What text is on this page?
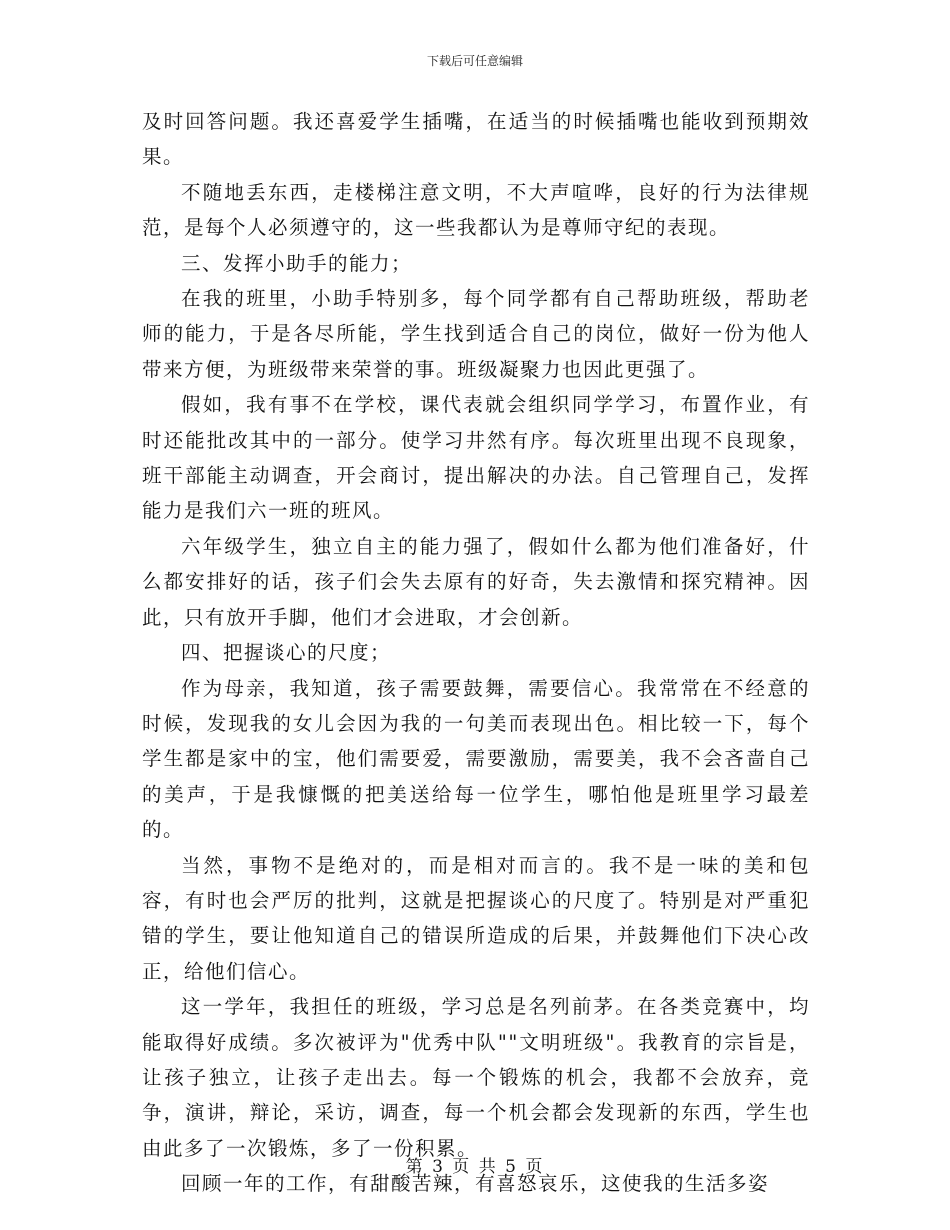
下载后可任意编辑

及时回答问题。我还喜爱学生插嘴，在适当的时候插嘴也能收到预期效果。

不随地丢东西，走楼梯注意文明，不大声喧哗，良好的行为法律规范，是每个人必须遵守的，这一些我都认为是尊师守纪的表现。

三、发挥小助手的能力；

在我的班里，小助手特别多，每个同学都有自己帮助班级，帮助老师的能力，于是各尽所能，学生找到适合自己的岗位，做好一份为他人带来方便，为班级带来荣誉的事。班级凝聚力也因此更强了。

假如，我有事不在学校，课代表就会组织同学学习，布置作业，有时还能批改其中的一部分。使学习井然有序。每次班里出现不良现象，班干部能主动调查，开会商讨，提出解决的办法。自己管理自己，发挥能力是我们六一班的班风。

六年级学生，独立自主的能力强了，假如什么都为他们准备好，什么都安排好的话，孩子们会失去原有的好奇，失去激情和探究精神。因此，只有放开手脚，他们才会进取，才会创新。

四、把握谈心的尺度；

作为母亲，我知道，孩子需要鼓舞，需要信心。我常常在不经意的时候，发现我的女儿会因为我的一句美而表现出色。相比较一下，每个学生都是家中的宝，他们需要爱，需要激励，需要美，我不会吝啬自己的美声，于是我慷慨的把美送给每一位学生，哪怕他是班里学习最差的。

当然，事物不是绝对的，而是相对而言的。我不是一味的美和包容，有时也会严厉的批判，这就是把握谈心的尺度了。特别是对严重犯错的学生，要让他知道自己的错误所造成的后果，并鼓舞他们下决心改正，给他们信心。

这一学年，我担任的班级，学习总是名列前茅。在各类竞赛中，均能取得好成绩。多次被评为"优秀中队""文明班级"。我教育的宗旨是，让孩子独立，让孩子走出去。每一个锻炼的机会，我都不会放弃，竞争，演讲，辩论，采访，调查，每一个机会都会发现新的东西，学生也由此多了一次锻炼，多了一份积累。

回顾一年的工作，有甜酸苦辣，有喜怒哀乐，这使我的生活多姿

第 3 页 共 5 页
